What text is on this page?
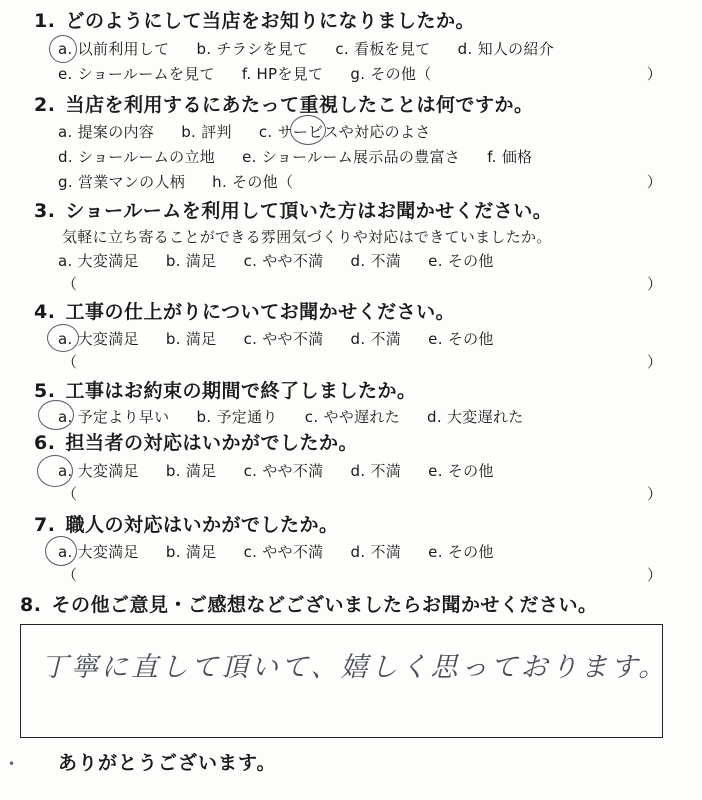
1. どのようにして当店をお知りになりましたか。
a. 以前利用して b. チラシを見て c. 看板を見て d. 知人の紹介
e. ショールームを見て f. HPを見て g. その他（	）
2. 当店を利用するにあたって重視したことは何ですか。
a. 提案の内容 b. 評判 c. サービスや対応のよさ
d. ショールームの立地 e. ショールーム展示品の豊富さ f. 価格
g. 営業マンの人柄 h. その他（	）
3. ショールームを利用して頂いた方はお聞かせください。
気軽に立ち寄ることができる雰囲気づくりや対応はできていましたか。
a. 大変満足 b. 満足 c. やや不満 d. 不満 e. その他
（	）
4. 工事の仕上がりについてお聞かせください。
a. 大変満足 b. 満足 c. やや不満 d. 不満 e. その他
（	）
5. 工事はお約束の期間で終了しましたか。
a. 予定より早い b. 予定通り c. やや遅れた d. 大変遅れた
6. 担当者の対応はいかがでしたか。
a. 大変満足 b. 満足 c. やや不満 d. 不満 e. その他
（	）
7. 職人の対応はいかがでしたか。
a. 大変満足 b. 満足 c. やや不満 d. 不満 e. その他
（	）
8. その他ご意見・ご感想などございましたらお聞かせください。
丁寧に直して頂いて、嬉しく思っております。
ありがとうございます。
•
